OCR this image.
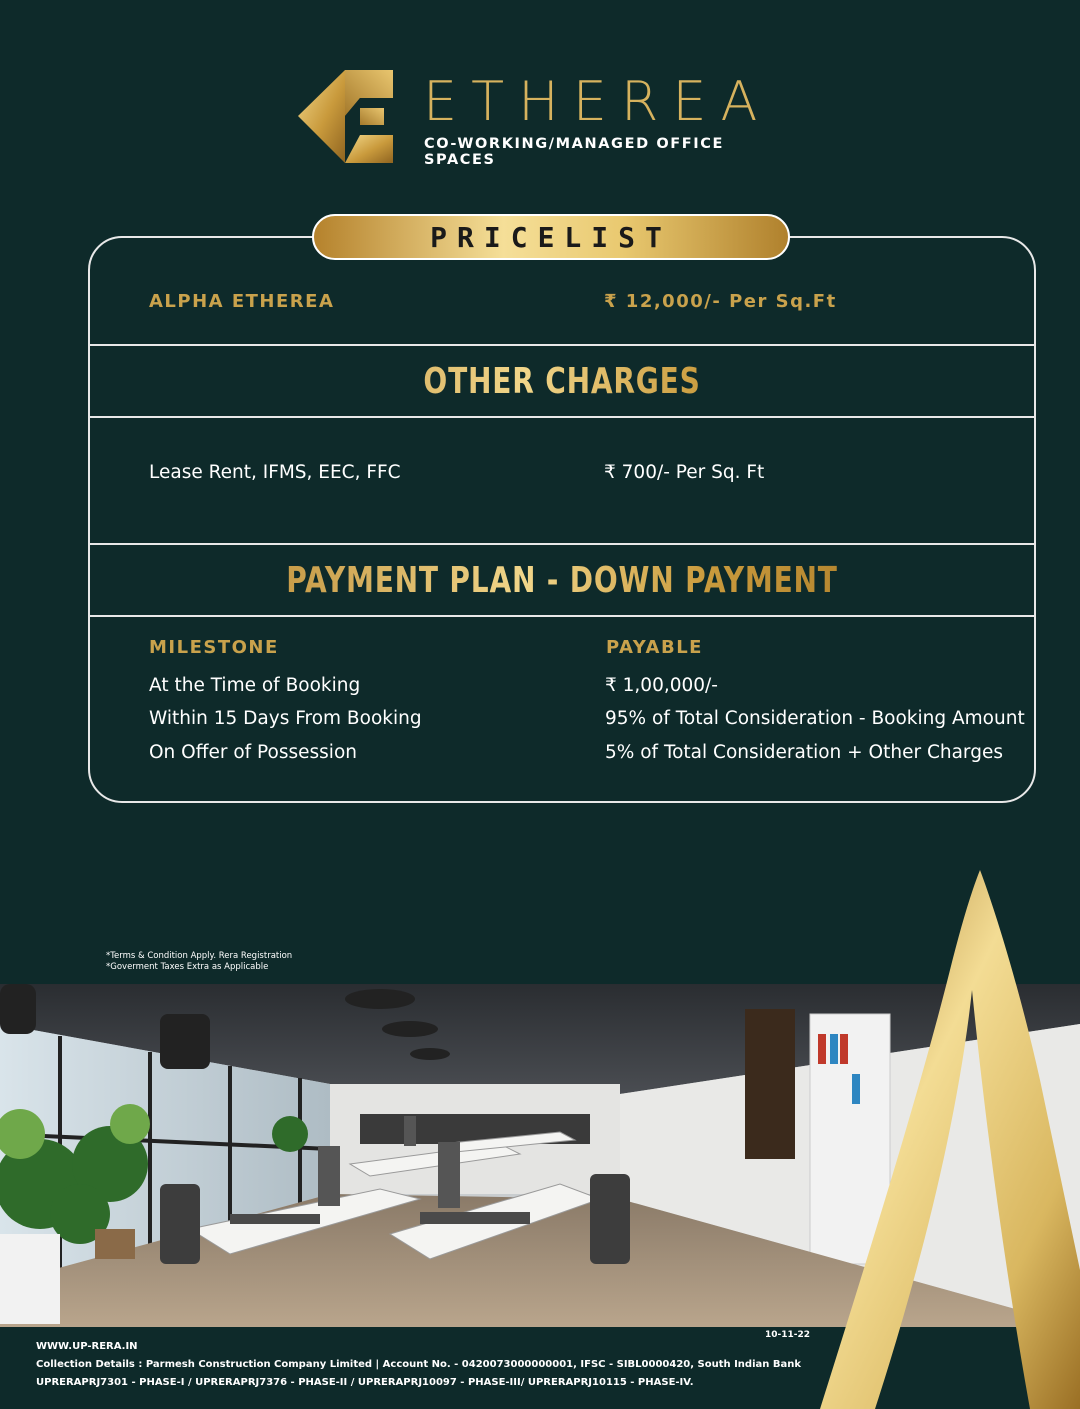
ETHEREA
CO-WORKING/MANAGED OFFICE SPACES
PRICELIST
ALPHA ETHEREA	₹ 12,000/- Per Sq.Ft
OTHER CHARGES
Lease Rent, IFMS, EEC, FFC	₹ 700/- Per Sq. Ft
PAYMENT PLAN - DOWN PAYMENT
MILESTONE	PAYABLE
At the Time of Booking	₹ 1,00,000/-
Within 15 Days From Booking	95% of Total Consideration - Booking Amount
On Offer of Possession	5% of Total Consideration + Other Charges
*Terms & Condition Apply. Rera Registration
*Goverment Taxes Extra as Applicable
10-11-22
WWW.UP-RERA.IN
Collection Details : Parmesh Construction Company Limited | Account No. - 0420073000000001, IFSC - SIBL0000420, South Indian Bank
UPRERAPRJ7301 - PHASE-I / UPRERAPRJ7376 - PHASE-II / UPRERAPRJ10097 - PHASE-III/ UPRERAPRJ10115 - PHASE-IV.
